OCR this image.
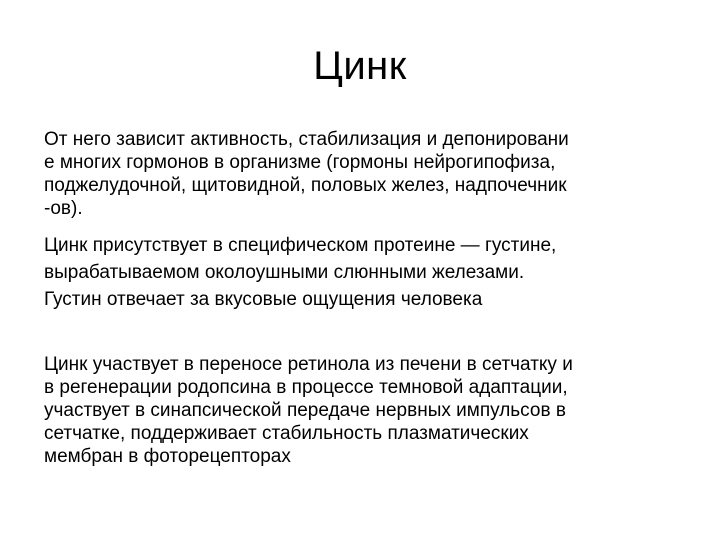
Цинк
От него зависит активность, стабилизация и депонировани
е многих гормонов в организме (гормоны нейрогипофиза,
поджелудочной, щитовидной, половых желез, надпочечник
-ов).
Цинк присутствует в специфическом протеине — густине,
вырабатываемом околоушными слюнными железами.
Густин отвечает за вкусовые ощущения человека
Цинк участвует в переносе ретинола из печени в сетчатку и
в регенерации родопсина в процессе темновой адаптации,
участвует в синапсической передаче нервных импульсов в
сетчатке, поддерживает стабильность плазматических
мембран в фоторецепторах
